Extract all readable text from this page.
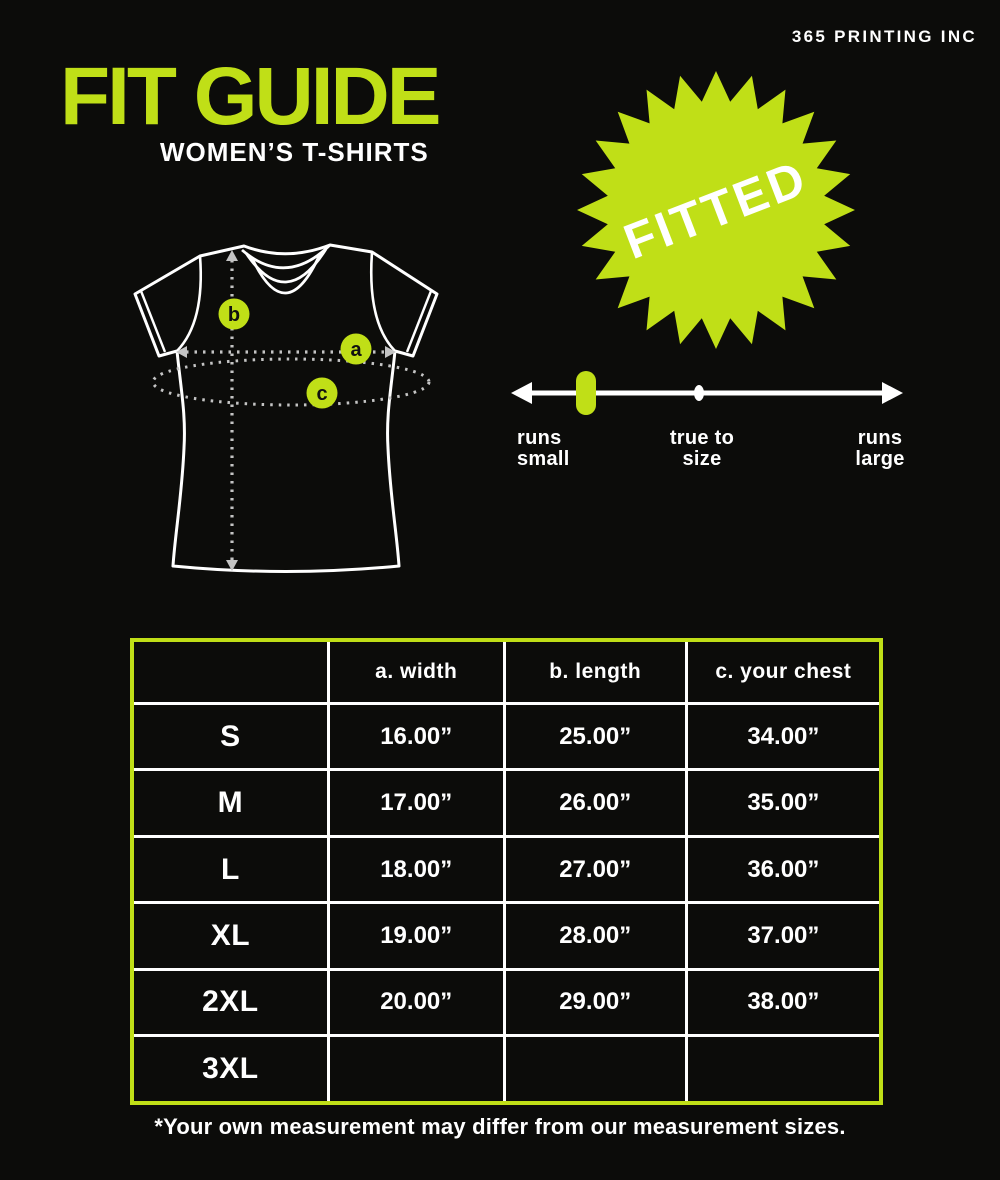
365 PRINTING INC
FIT GUIDE
WOMEN’S T-SHIRTS
a
b
c
FITTED
runs
small
true to
size
runs
large
	a. width	b. length	c. your chest
S	16.00”	25.00”	34.00”
M	17.00”	26.00”	35.00”
L	18.00”	27.00”	36.00”
XL	19.00”	28.00”	37.00”
2XL	20.00”	29.00”	38.00”
3XL			
*Your own measurement may differ from our measurement sizes.
